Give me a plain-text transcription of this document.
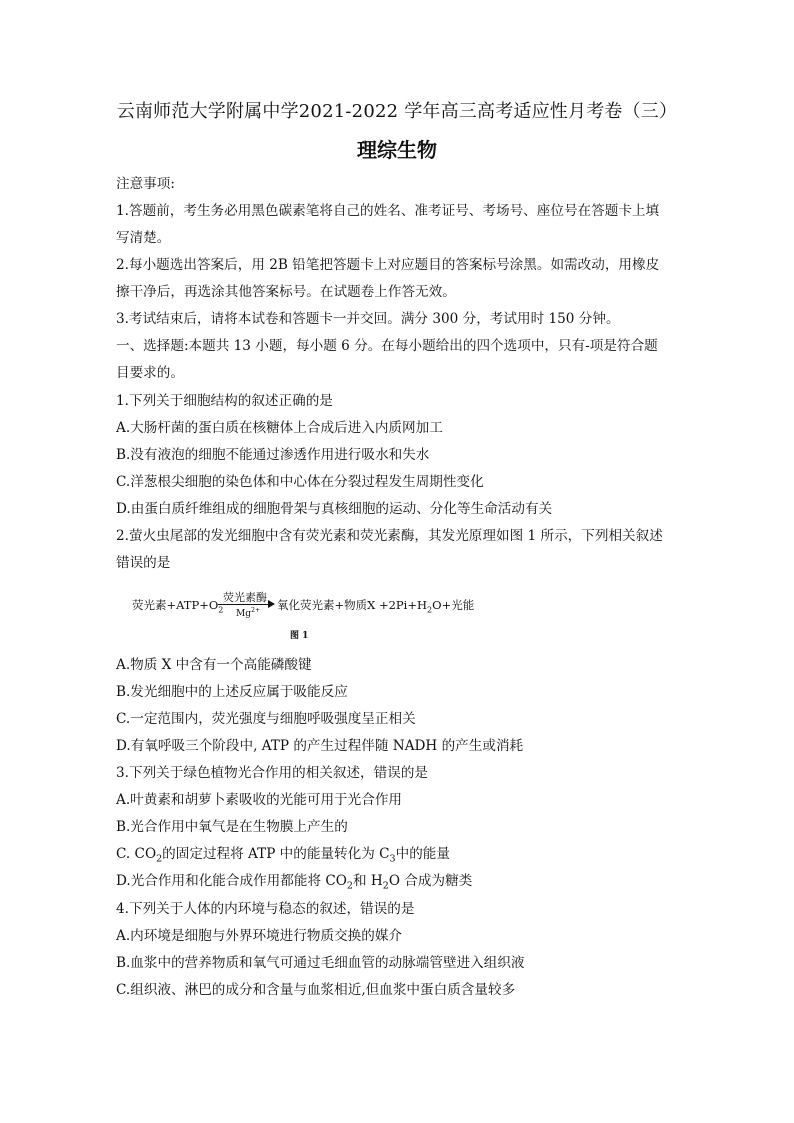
云南师范大学附属中学2021-2022 学年高三高考适应性月考卷（三）
理综生物
注意事项:
1.答题前，考生务必用黑色碳素笔将自己的姓名、准考证号、考场号、座位号在答题卡上填
写清楚。
2.每小题选出答案后，用 2B 铅笔把答题卡上对应题目的答案标号涂黑。如需改动，用橡皮
擦干净后，再选涂其他答案标号。在试题卷上作答无效。
3.考试结束后，请将本试卷和答题卡一并交回。满分 300 分，考试用时 150 分钟。
一、选择题:本题共 13 小题，每小题 6 分。在每小题给出的四个选项中，只有-项是符合题
目要求的。
1.下列关于细胞结构的叙述正确的是
A.大肠杆菌的蛋白质在核糖体上合成后进入内质网加工
B.没有液泡的细胞不能通过渗透作用进行吸水和失水
C.洋葱根尖细胞的染色体和中心体在分裂过程发生周期性变化
D.由蛋白质纤维组成的细胞骨架与真核细胞的运动、分化等生命活动有关
2.萤火虫尾部的发光细胞中含有荧光素和荧光素酶，其发光原理如图 1 所示，下列相关叙述
错误的是
荧光素$+ATP+O_2$
荧光素酶
$Mg^{2+}$ 氧化荧光素+物质$X +2Pi+H_2O+$光能
图 1
A.物质 X 中含有一个高能磷酸键
B.发光细胞中的上述反应属于吸能反应
C.一定范围内，荧光强度与细胞呼吸强度呈正相关
D.有氧呼吸三个阶段中, ATP 的产生过程伴随 NADH 的产生或消耗
3.下列关于绿色植物光合作用的相关叙述，错误的是
A.叶黄素和胡萝卜素吸收的光能可用于光合作用
B.光合作用中氧气是在生物膜上产生的
C. $CO_2$的固定过程将 ATP 中的能量转化为 $C_3$中的能量
D.光合作用和化能合成作用都能将 $CO_2$和 $H_2O$ 合成为糖类
4.下列关于人体的内环境与稳态的叙述，错误的是
A.内环境是细胞与外界环境进行物质交换的媒介
B.血浆中的营养物质和氧气可通过毛细血管的动脉端管壁进入组织液
C.组织液、淋巴的成分和含量与血浆相近,但血浆中蛋白质含量较多
